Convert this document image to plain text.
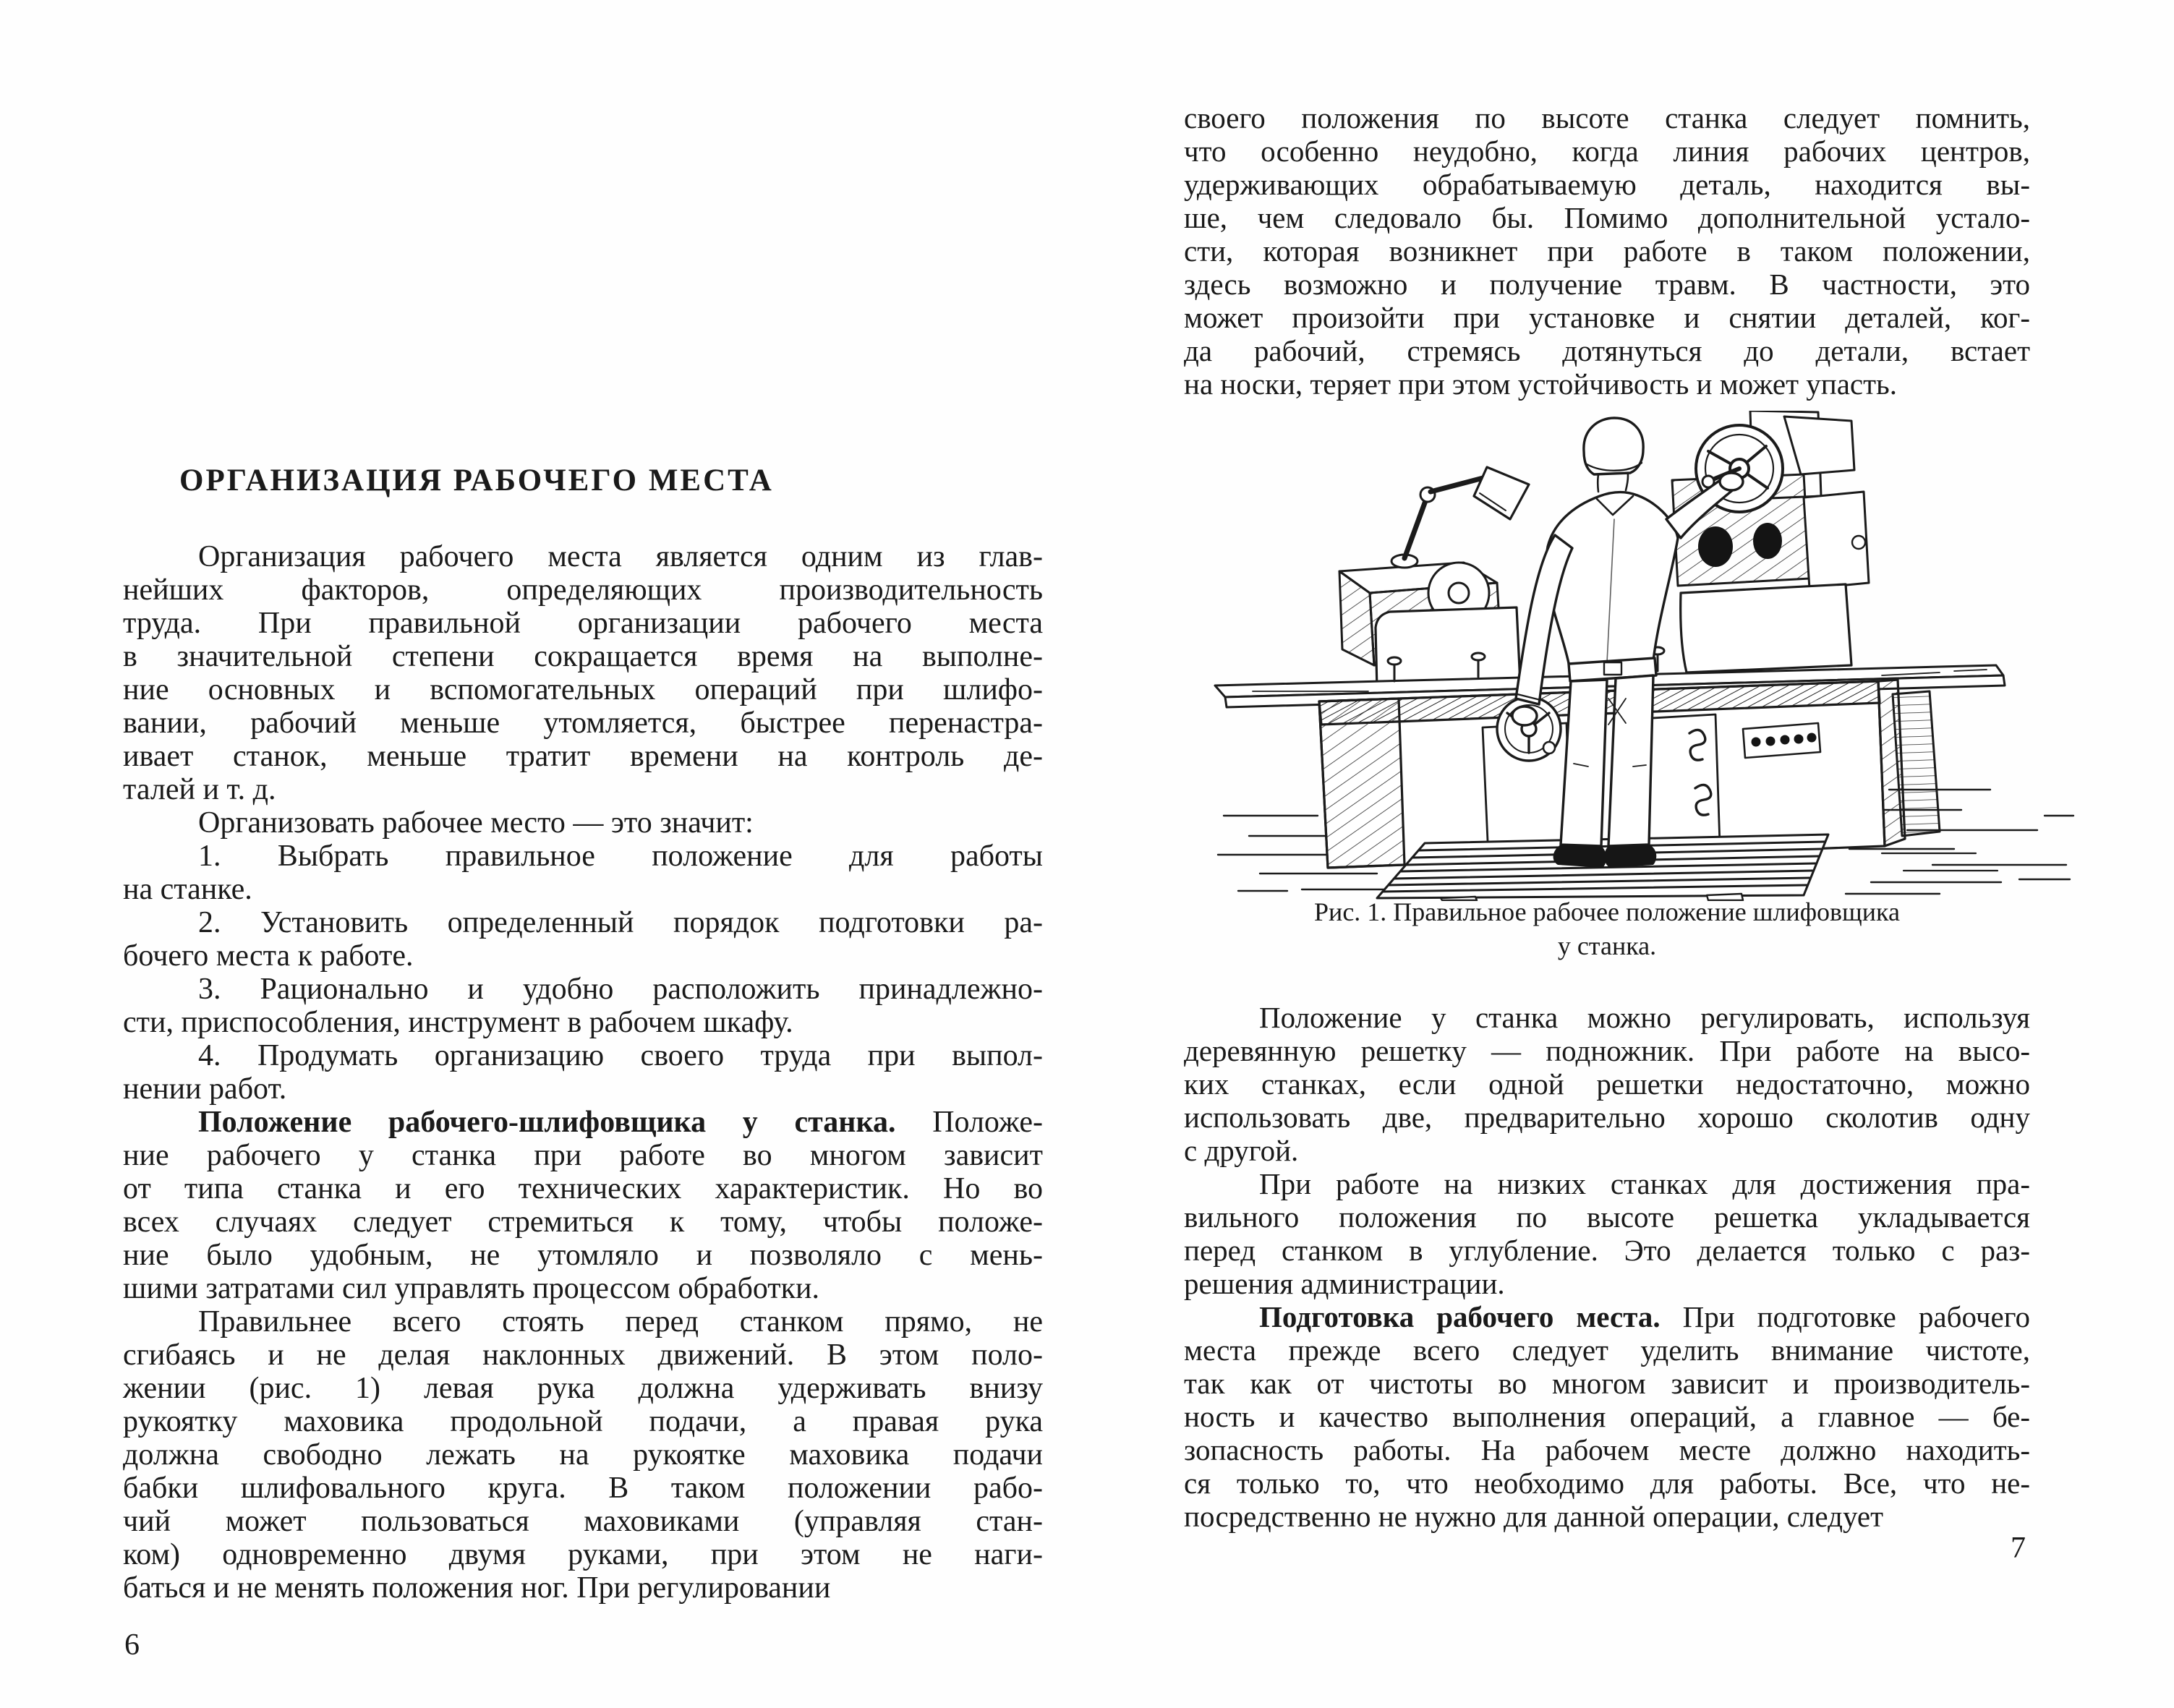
ОРГАНИЗАЦИЯ РАБОЧЕГО МЕСТА
Организация рабочего места является одним из глав-
нейших факторов, определяющих производительность
труда. При правильной организации рабочего места
в значительной степени сокращается время на выполне-
ние основных и вспомогательных операций при шлифо-
вании, рабочий меньше утомляется, быстрее перенастра-
ивает станок, меньше тратит времени на контроль де-
талей и т. д.
Организовать рабочее место — это значит:
1. Выбрать правильное положение для работы
на станке.
2. Установить определенный порядок подготовки ра-
бочего места к работе.
3. Рационально и удобно расположить принадлежно-
сти, приспособления, инструмент в рабочем шкафу.
4. Продумать организацию своего труда при выпол-
нении работ.
Положение рабочего-шлифовщика у станка. Положе-
ние рабочего у станка при работе во многом зависит
от типа станка и его технических характеристик. Но во
всех случаях следует стремиться к тому, чтобы положе-
ние было удобным, не утомляло и позволяло с мень-
шими затратами сил управлять процессом обработки.
Правильнее всего стоять перед станком прямо, не
сгибаясь и не делая наклонных движений. В этом поло-
жении (рис. 1) левая рука должна удерживать внизу
рукоятку маховика продольной подачи, а правая рука
должна свободно лежать на рукоятке маховика подачи
бабки шлифовального круга. В таком положении рабо-
чий может пользоваться маховиками (управляя стан-
ком) одновременно двумя руками, при этом не наги-
баться и не менять положения ног. При регулировании
6
своего положения по высоте станка следует помнить,
что особенно неудобно, когда линия рабочих центров,
удерживающих обрабатываемую деталь, находится вы-
ше, чем следовало бы. Помимо дополнительной устало-
сти, которая возникнет при работе в таком положении,
здесь возможно и получение травм. В частности, это
может произойти при установке и снятии деталей, ког-
да рабочий, стремясь дотянуться до детали, встает
на носки, теряет при этом устойчивость и может упасть.
Рис. 1. Правильное рабочее положение шлифовщика
у станка.
Положение у станка можно регулировать, используя
деревянную решетку — подножник. При работе на высо-
ких станках, если одной решетки недостаточно, можно
использовать две, предварительно хорошо сколотив одну
с другой.
При работе на низких станках для достижения пра-
вильного положения по высоте решетка укладывается
перед станком в углубление. Это делается только с раз-
решения администрации.
Подготовка рабочего места. При подготовке рабочего
места прежде всего следует уделить внимание чистоте,
так как от чистоты во многом зависит и производитель-
ность и качество выполнения операций, а главное — бе-
зопасность работы. На рабочем месте должно находить-
ся только то, что необходимо для работы. Все, что не-
посредственно не нужно для данной операции, следует
7
